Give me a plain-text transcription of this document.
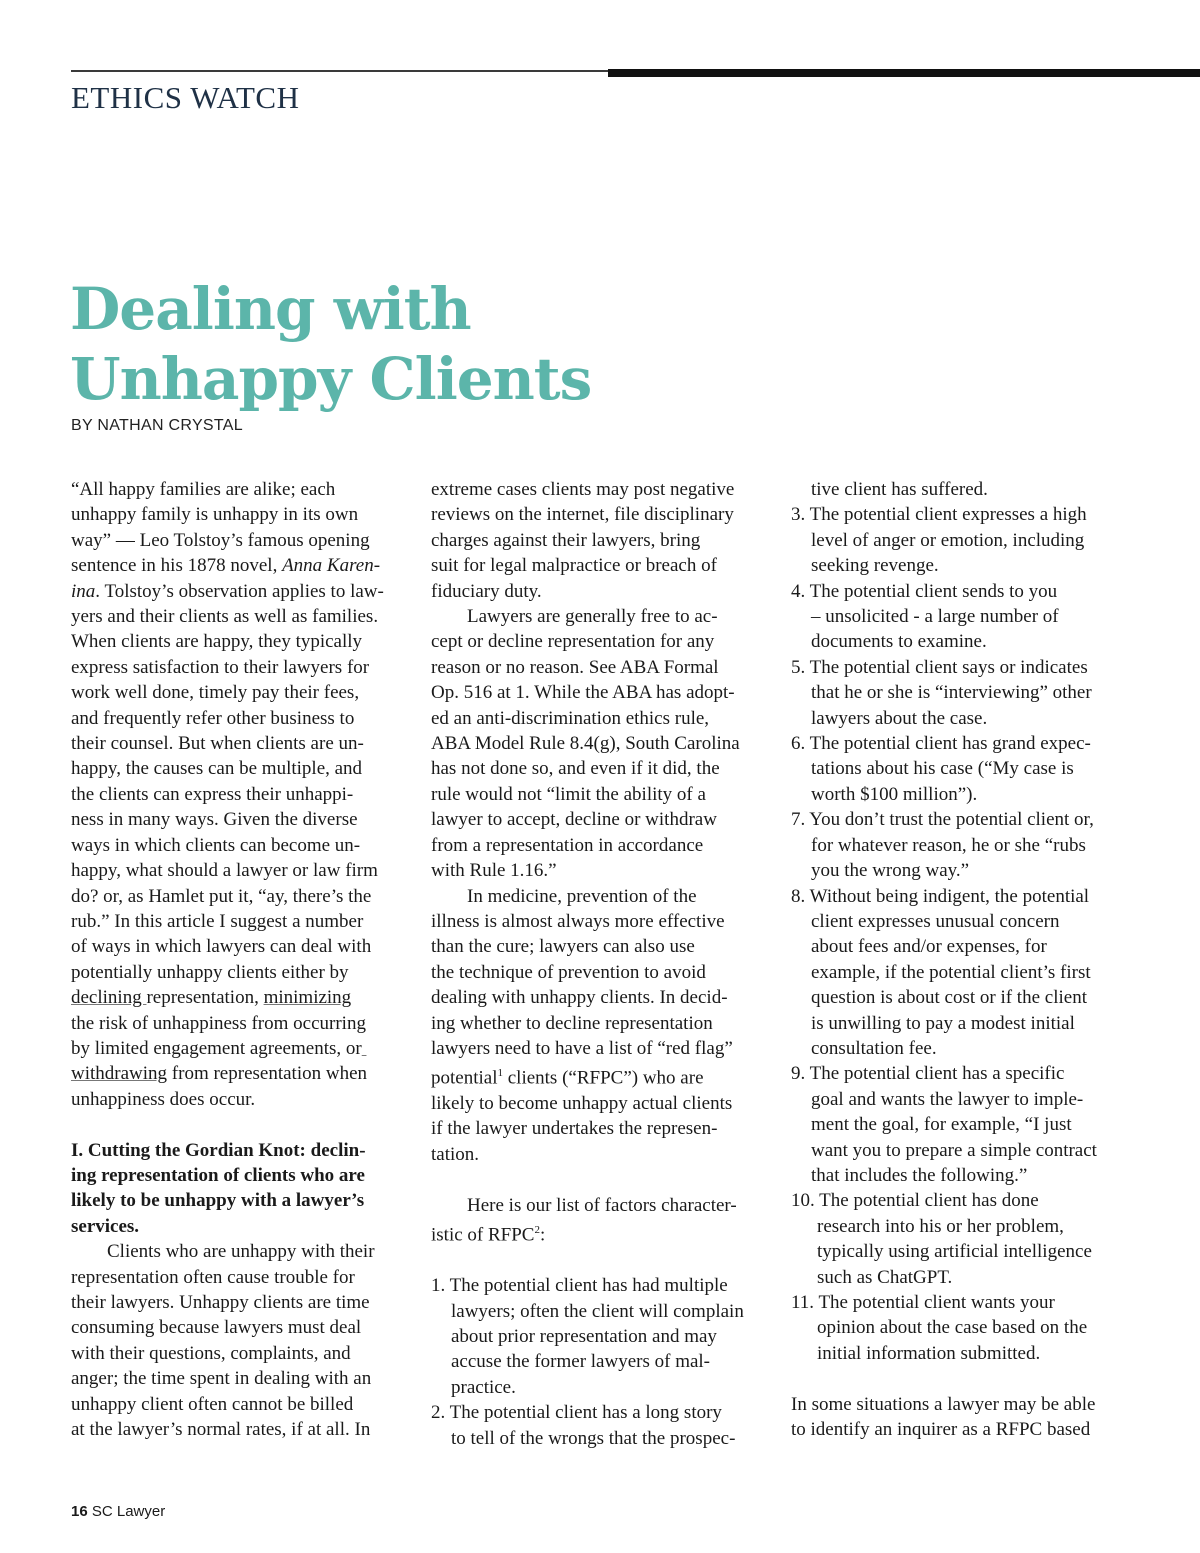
ETHICS WATCH
Dealing with
Unhappy Clients
BY NATHAN CRYSTAL

“All happy families are alike; each
unhappy family is unhappy in its own
way” — Leo Tolstoy’s famous opening
sentence in his 1878 novel, Anna Karen-
ina. Tolstoy’s observation applies to law-
yers and their clients as well as families.
When clients are happy, they typically
express satisfaction to their lawyers for
work well done, timely pay their fees,
and frequently refer other business to
their counsel. But when clients are un-
happy, the causes can be multiple, and
the clients can express their unhappi-
ness in many ways. Given the diverse
ways in which clients can become un-
happy, what should a lawyer or law firm
do? or, as Hamlet put it, “ay, there’s the
rub.” In this article I suggest a number
of ways in which lawyers can deal with
potentially unhappy clients either by
declining representation, minimizing
the risk of unhappiness from occurring
by limited engagement agreements, or
withdrawing from representation when
unhappiness does occur.

I. Cutting the Gordian Knot: declin-
ing representation of clients who are
likely to be unhappy with a lawyer’s
services.

Clients who are unhappy with their
representation often cause trouble for
their lawyers. Unhappy clients are time
consuming because lawyers must deal
with their questions, complaints, and
anger; the time spent in dealing with an
unhappy client often cannot be billed
at the lawyer’s normal rates, if at all. In

extreme cases clients may post negative
reviews on the internet, file disciplinary
charges against their lawyers, bring
suit for legal malpractice or breach of
fiduciary duty.

Lawyers are generally free to ac-
cept or decline representation for any
reason or no reason. See ABA Formal
Op. 516 at 1. While the ABA has adopt-
ed an anti-discrimination ethics rule,
ABA Model Rule 8.4(g), South Carolina
has not done so, and even if it did, the
rule would not “limit the ability of a
lawyer to accept, decline or withdraw
from a representation in accordance
with Rule 1.16.”

In medicine, prevention of the
illness is almost always more effective
than the cure; lawyers can also use
the technique of prevention to avoid
dealing with unhappy clients. In decid-
ing whether to decline representation
lawyers need to have a list of “red flag”
potential$^1$ clients (“RFPC”) who are
likely to become unhappy actual clients
if the lawyer undertakes the represen-
tation.

Here is our list of factors character-
istic of RFPC$^2$:

1. The potential client has had multiple
lawyers; often the client will complain
about prior representation and may
accuse the former lawyers of mal-
practice.

2. The potential client has a long story
to tell of the wrongs that the prospec-

tive client has suffered.

3. The potential client expresses a high
level of anger or emotion, including
seeking revenge.

4. The potential client sends to you
– unsolicited - a large number of
documents to examine.

5. The potential client says or indicates
that he or she is “interviewing” other
lawyers about the case.

6. The potential client has grand expec-
tations about his case (“My case is
worth $100 million”).

7. You don’t trust the potential client or,
for whatever reason, he or she “rubs
you the wrong way.”

8. Without being indigent, the potential
client expresses unusual concern
about fees and/or expenses, for
example, if the potential client’s first
question is about cost or if the client
is unwilling to pay a modest initial
consultation fee.

9. The potential client has a specific
goal and wants the lawyer to imple-
ment the goal, for example, “I just
want you to prepare a simple contract
that includes the following.”

10. The potential client has done
research into his or her problem,
typically using artificial intelligence
such as ChatGPT.

11. The potential client wants your
opinion about the case based on the
initial information submitted.

In some situations a lawyer may be able
to identify an inquirer as a RFPC based

16 SC Lawyer
